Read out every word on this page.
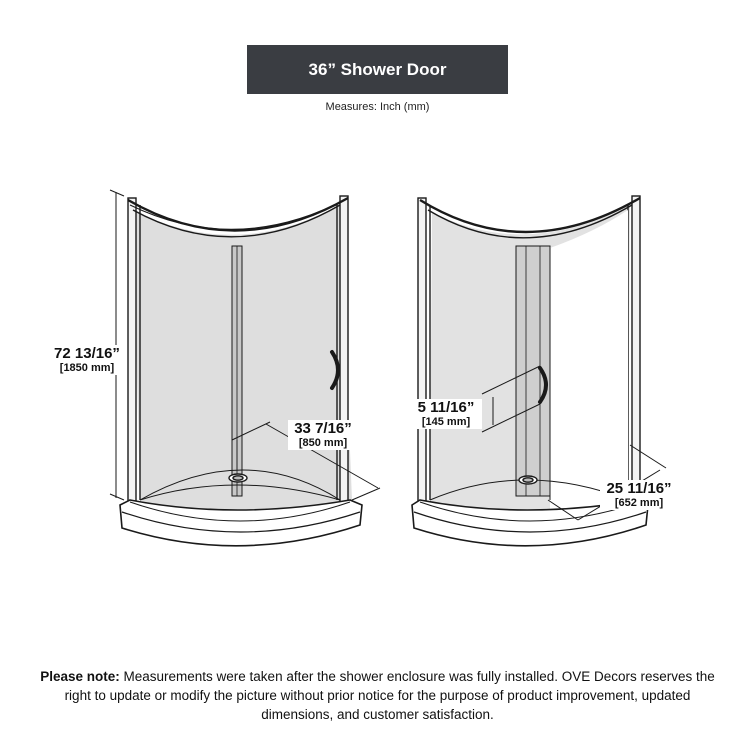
36” Shower Door
Measures: Inch (mm)
72 13/16”
[1850 mm]
33 7/16”
[850 mm]
5 11/16”
[145 mm]
25 11/16”
[652 mm]
Please note: Measurements were taken after the shower enclosure was fully installed. OVE Decors reserves the right to update or modify the picture without prior notice for the purpose of product improvement, updated dimensions, and customer satisfaction.
